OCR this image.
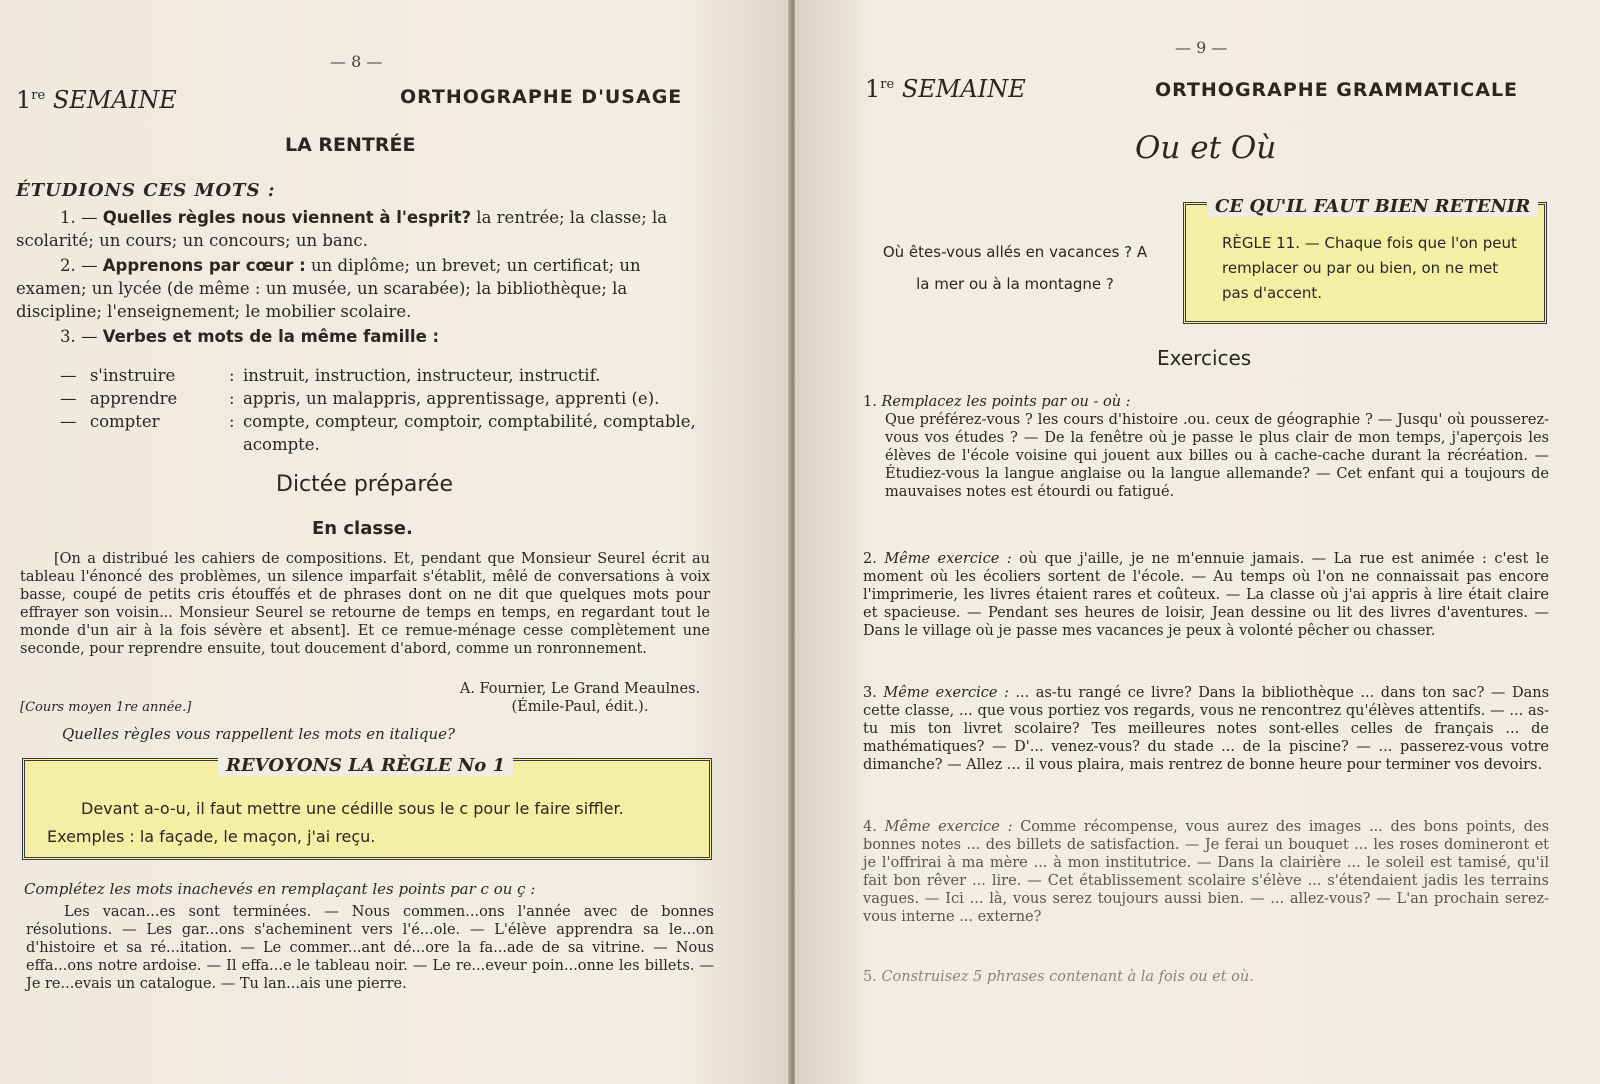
— 8 —
1re SEMAINE	ORTHOGRAPHE D'USAGE
LA RENTRÉE
ÉTUDIONS CES MOTS :

1. — Quelles règles nous viennent à l'esprit? la rentrée; la classe; la scolarité; un cours; un concours; un banc.

2. — Apprenons par cœur : un diplôme; un brevet; un certificat; un examen; un lycée (de même : un musée, un scarabée); la bibliothèque; la discipline; l'enseignement; le mobilier scolaire.

3. — Verbes et mots de la même famille :

— s'instruire	: instruit, instruction, instructeur, instructif.
— apprendre	: appris, un malappris, apprentissage, apprenti (e).
— compter	: compte, compteur, comptoir, comptabilité, comptable, acompte.
Dictée préparée
En classe.

[On a distribué les cahiers de compositions. Et, pendant que Monsieur Seurel écrit au tableau l'énoncé des problèmes, un silence imparfait s'établit, mêlé de conversations à voix basse, coupé de petits cris étouffés et de phrases dont on ne dit que quelques mots pour effrayer son voisin... Monsieur Seurel se retourne de temps en temps, en regardant tout le monde d'un air à la fois sévère et absent]. Et ce remue-ménage cesse complètement une seconde, pour reprendre ensuite, tout doucement d'abord, comme un ronronnement.

A. Fournier, Le Grand Meaulnes.
(Émile-Paul, édit.).
[Cours moyen 1re année.]
Quelles règles vous rappellent les mots en italique?
Devant a-o-u, il faut mettre une cédille sous le c pour le faire siffler.
Exemples : la façade, le maçon, j'ai reçu.
REVOYONS LA RÈGLE No 1
Complétez les mots inachevés en remplaçant les points par c ou ç :

Les vacan...es sont terminées. — Nous commen...ons l'année avec de bonnes résolutions. — Les gar...ons s'acheminent vers l'é...ole. — L'élève apprendra sa le...on d'histoire et sa ré...itation. — Le commer...ant dé...ore la fa...ade de sa vitrine. — Nous effa...ons notre ardoise. — Il effa...e le tableau noir. — Le re...eveur poin...onne les billets. — Je re...evais un catalogue. — Tu lan...ais une pierre.

— 9 —
1re SEMAINE	ORTHOGRAPHE GRAMMATICALE
Ou et Où
Où êtes-vous allés en vacances ? A
la mer ou à la montagne ?
RÈGLE 11. — Chaque fois que l'on peut remplacer ou par ou bien, on ne met pas d'accent.
CE QU'IL FAUT BIEN RETENIR
Exercices
1. Remplacez les points par ou - où :

Que préférez-vous ? les cours d'histoire .ou. ceux de géographie ? — Jusqu' où pousserez-vous vos études ? — De la fenêtre où je passe le plus clair de mon temps, j'aperçois les élèves de l'école voisine qui jouent aux billes ou à cache-cache durant la récréation. — Étudiez-vous la langue anglaise ou la langue allemande? — Cet enfant qui a toujours de mauvaises notes est étourdi ou fatigué.

2. Même exercice : où que j'aille, je ne m'ennuie jamais. — La rue est animée : c'est le moment où les écoliers sortent de l'école. — Au temps où l'on ne connaissait pas encore l'imprimerie, les livres étaient rares et coûteux. — La classe où j'ai appris à lire était claire et spacieuse. — Pendant ses heures de loisir, Jean dessine ou lit des livres d'aventures. — Dans le village où je passe mes vacances je peux à volonté pêcher ou chasser.

3. Même exercice : ... as-tu rangé ce livre? Dans la bibliothèque ... dans ton sac? — Dans cette classe, ... que vous portiez vos regards, vous ne rencontrez qu'élèves attentifs. — ... as-tu mis ton livret scolaire? Tes meilleures notes sont-elles celles de français ... de mathématiques? — D'... venez-vous? du stade ... de la piscine? — ... passerez-vous votre dimanche? — Allez ... il vous plaira, mais rentrez de bonne heure pour terminer vos devoirs.

4. Même exercice : Comme récompense, vous aurez des images ... des bons points, des bonnes notes ... des billets de satisfaction. — Je ferai un bouquet ... les roses domineront et je l'offrirai à ma mère ... à mon institutrice. — Dans la clairière ... le soleil est tamisé, qu'il fait bon rêver ... lire. — Cet établissement scolaire s'élève ... s'étendaient jadis les terrains vagues. — Ici ... là, vous serez toujours aussi bien. — ... allez-vous? — L'an prochain serez-vous interne ... externe?

5. Construisez 5 phrases contenant à la fois ou et où.
